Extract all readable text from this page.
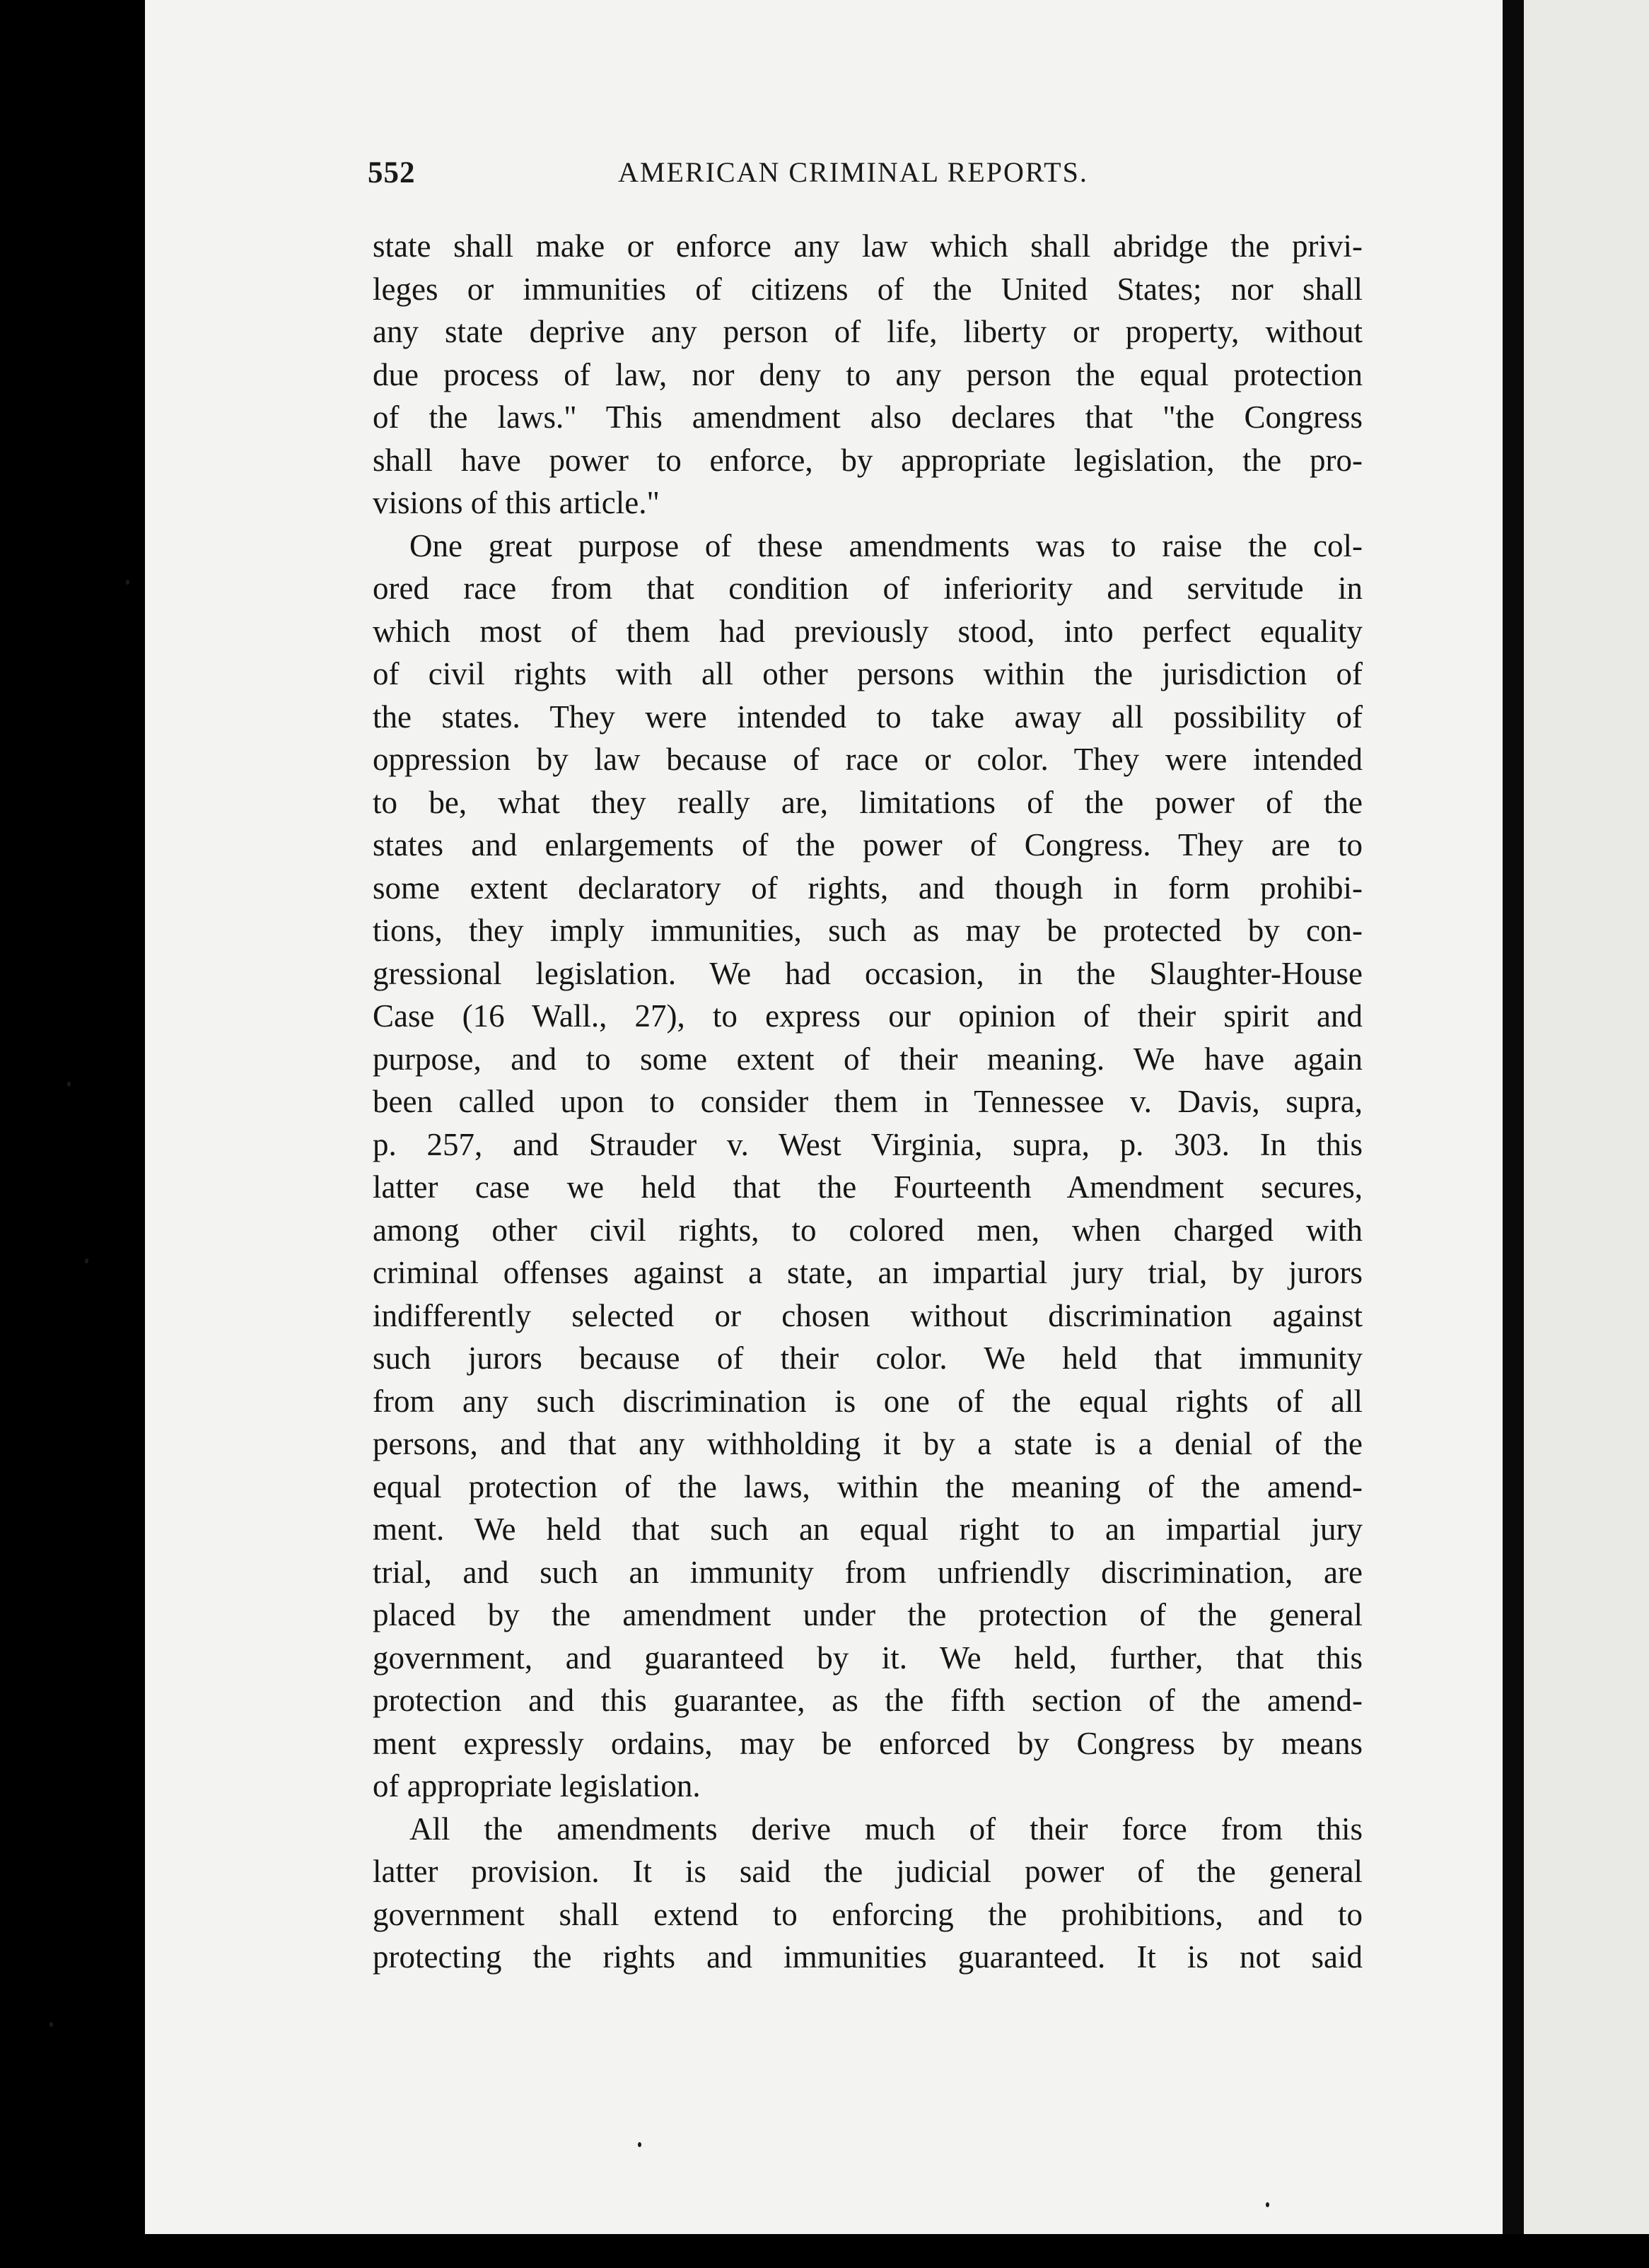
552	AMERICAN CRIMINAL REPORTS.
state shall make or enforce any law which shall abridge the privi-
leges or immunities of citizens of the United States; nor shall
any state deprive any person of life, liberty or property, without
due process of law, nor deny to any person the equal protection
of the laws." This amendment also declares that "the Congress
shall have power to enforce, by appropriate legislation, the pro-
visions of this article."
One great purpose of these amendments was to raise the col-
ored race from that condition of inferiority and servitude in
which most of them had previously stood, into perfect equality
of civil rights with all other persons within the jurisdiction of
the states. They were intended to take away all possibility of
oppression by law because of race or color. They were intended
to be, what they really are, limitations of the power of the
states and enlargements of the power of Congress. They are to
some extent declaratory of rights, and though in form prohibi-
tions, they imply immunities, such as may be protected by con-
gressional legislation. We had occasion, in the Slaughter-House
Case (16 Wall., 27), to express our opinion of their spirit and
purpose, and to some extent of their meaning. We have again
been called upon to consider them in Tennessee v. Davis, supra,
p. 257, and Strauder v. West Virginia, supra, p. 303. In this
latter case we held that the Fourteenth Amendment secures,
among other civil rights, to colored men, when charged with
criminal offenses against a state, an impartial jury trial, by jurors
indifferently selected or chosen without discrimination against
such jurors because of their color. We held that immunity
from any such discrimination is one of the equal rights of all
persons, and that any withholding it by a state is a denial of the
equal protection of the laws, within the meaning of the amend-
ment. We held that such an equal right to an impartial jury
trial, and such an immunity from unfriendly discrimination, are
placed by the amendment under the protection of the general
government, and guaranteed by it. We held, further, that this
protection and this guarantee, as the fifth section of the amend-
ment expressly ordains, may be enforced by Congress by means
of appropriate legislation.
All the amendments derive much of their force from this
latter provision. It is said the judicial power of the general
government shall extend to enforcing the prohibitions, and to
protecting the rights and immunities guaranteed. It is not said
